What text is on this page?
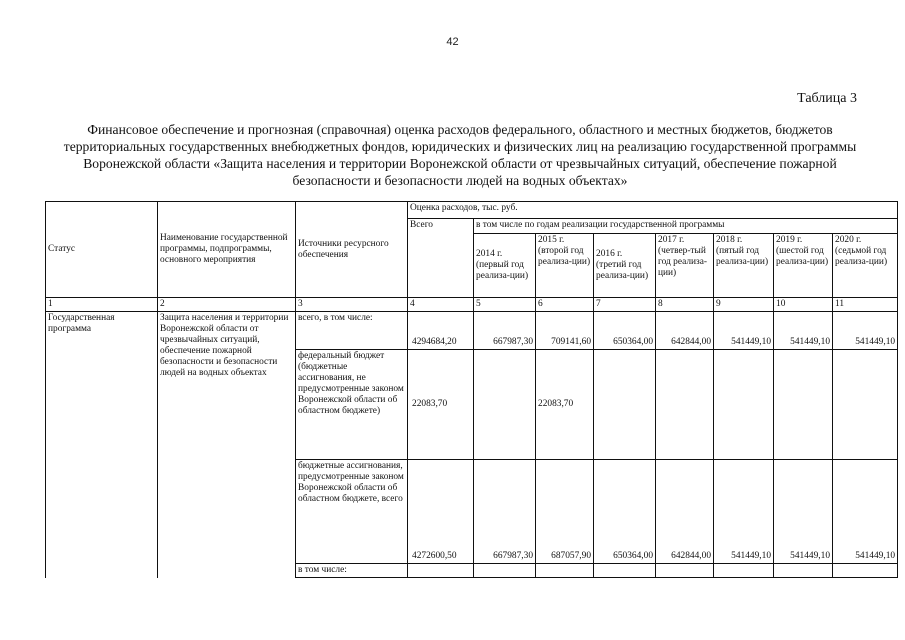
42
Таблица 3
Финансовое обеспечение и прогнозная (справочная) оценка расходов федерального, областного и местных бюджетов, бюджетов территориальных государственных внебюджетных фондов, юридических и физических лиц на реализацию государственной программы Воронежской области «Защита населения и территории Воронежской области от чрезвычайных ситуаций, обеспечение пожарной безопасности и безопасности людей на водных объектах»
Статус	Наименование государственной программы, подпрограммы, основного мероприятия	Источники ресурсного обеспечения	Оценка расходов, тыс. руб.							
			Всего	в том числе по годам реализации государственной программы						
				2014 г. (первый год реализа-ции)	2015 г. (второй год реализа-ции)	2016 г. (третий год реализа-ции)	2017 г. (четвер-тый год реализа-ции)	2018 г. (пятый год реализа-ции)	2019 г. (шестой год реализа-ции)	2020 г. (седьмой год реализа-ции)
1	2	3	4	5	6	7	8	9	10	11
Государственная программа	Защита населения и территории Воронежской области от чрезвычайных ситуаций, обеспечение пожарной безопасности и безопасности людей на водных объектах	всего, в том числе:	4294684,20	667987,30	709141,60	650364,00	642844,00	541449,10	541449,10	541449,10
		федеральный бюджет (бюджетные ассигнования, не предусмотренные законом Воронежской области об областном бюджете)	22083,70		22083,70					
		бюджетные ассигнования, предусмотренные законом Воронежской области об областном бюджете, всего	4272600,50	667987,30	687057,90	650364,00	642844,00	541449,10	541449,10	541449,10
		в том числе:								
